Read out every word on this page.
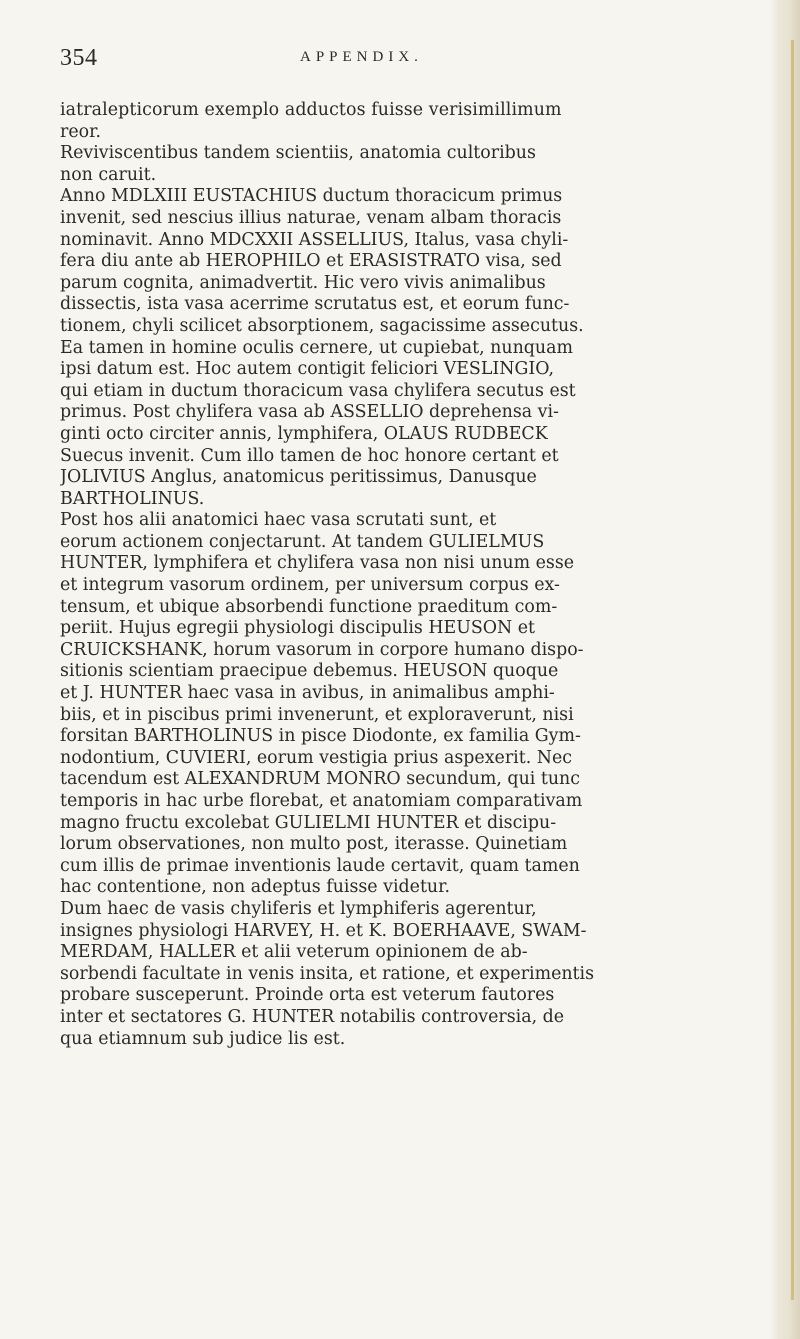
354	APPENDIX.
iatralepticorum exemplo adductos fuisse verisimillimum
reor.
Reviviscentibus tandem scientiis, anatomia cultoribus
non caruit.
Anno MDLXIII EUSTACHIUS ductum thoracicum primus
invenit, sed nescius illius naturae, venam albam thoracis
nominavit. Anno MDCXXII ASSELLIUS, Italus, vasa chyli-
fera diu ante ab HEROPHILO et ERASISTRATO visa, sed
parum cognita, animadvertit. Hic vero vivis animalibus
dissectis, ista vasa acerrime scrutatus est, et eorum func-
tionem, chyli scilicet absorptionem, sagacissime assecutus.
Ea tamen in homine oculis cernere, ut cupiebat, nunquam
ipsi datum est. Hoc autem contigit feliciori VESLINGIO,
qui etiam in ductum thoracicum vasa chylifera secutus est
primus. Post chylifera vasa ab ASSELLIO deprehensa vi-
ginti octo circiter annis, lymphifera, OLAUS RUDBECK
Suecus invenit. Cum illo tamen de hoc honore certant et
JOLIVIUS Anglus, anatomicus peritissimus, Danusque
BARTHOLINUS.
Post hos alii anatomici haec vasa scrutati sunt, et
eorum actionem conjectarunt. At tandem GULIELMUS
HUNTER, lymphifera et chylifera vasa non nisi unum esse
et integrum vasorum ordinem, per universum corpus ex-
tensum, et ubique absorbendi functione praeditum com-
periit. Hujus egregii physiologi discipulis HEUSON et
CRUICKSHANK, horum vasorum in corpore humano dispo-
sitionis scientiam praecipue debemus. HEUSON quoque
et J. HUNTER haec vasa in avibus, in animalibus amphi-
biis, et in piscibus primi invenerunt, et exploraverunt, nisi
forsitan BARTHOLINUS in pisce Diodonte, ex familia Gym-
nodontium, CUVIERI, eorum vestigia prius aspexerit. Nec
tacendum est ALEXANDRUM MONRO secundum, qui tunc
temporis in hac urbe florebat, et anatomiam comparativam
magno fructu excolebat GULIELMI HUNTER et discipu-
lorum observationes, non multo post, iterasse. Quinetiam
cum illis de primae inventionis laude certavit, quam tamen
hac contentione, non adeptus fuisse videtur.
Dum haec de vasis chyliferis et lymphiferis agerentur,
insignes physiologi HARVEY, H. et K. BOERHAAVE, SWAM-
MERDAM, HALLER et alii veterum opinionem de ab-
sorbendi facultate in venis insita, et ratione, et experimentis
probare susceperunt. Proinde orta est veterum fautores
inter et sectatores G. HUNTER notabilis controversia, de
qua etiamnum sub judice lis est.
